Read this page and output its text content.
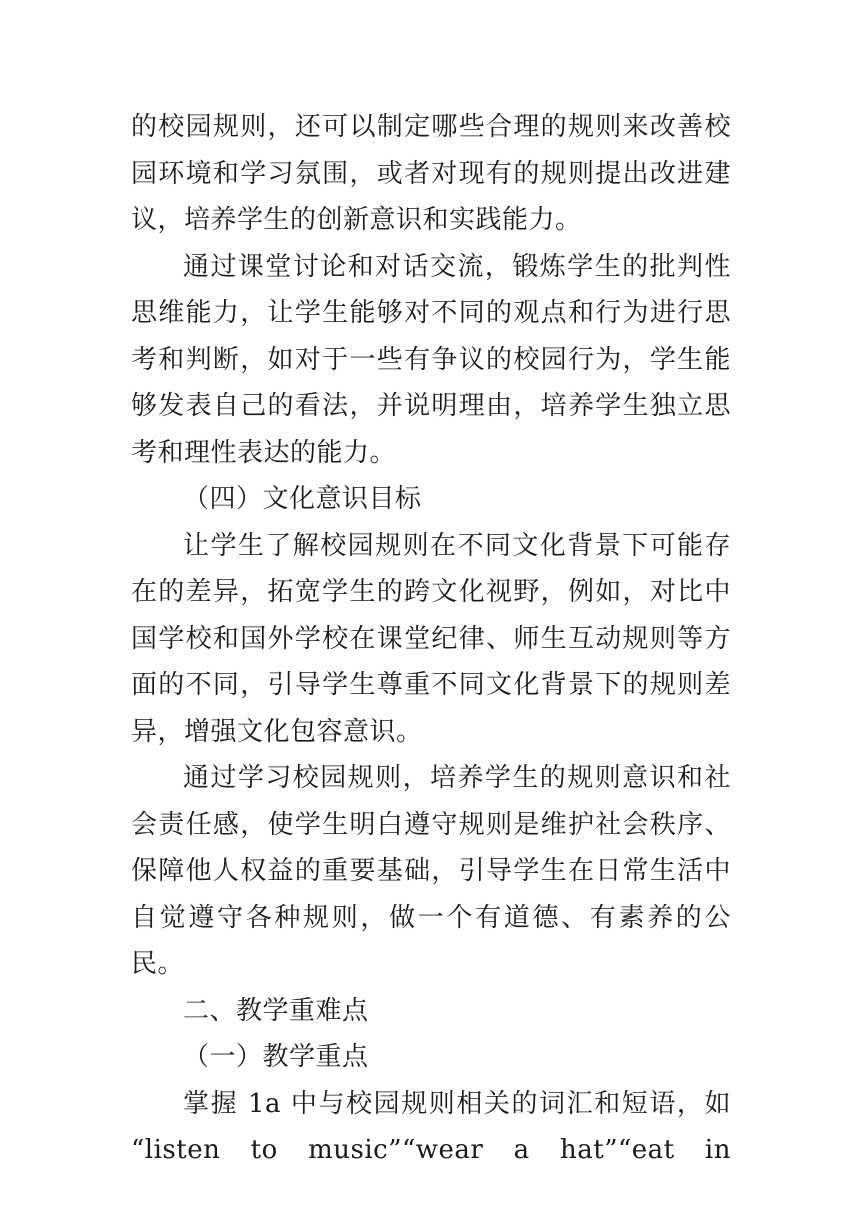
的校园规则，还可以制定哪些合理的规则来改善校园环境和学习氛围，或者对现有的规则提出改进建议，培养学生的创新意识和实践能力。

通过课堂讨论和对话交流，锻炼学生的批判性思维能力，让学生能够对不同的观点和行为进行思考和判断，如对于一些有争议的校园行为，学生能够发表自己的看法，并说明理由，培养学生独立思考和理性表达的能力。

（四）文化意识目标

让学生了解校园规则在不同文化背景下可能存在的差异，拓宽学生的跨文化视野，例如，对比中国学校和国外学校在课堂纪律、师生互动规则等方面的不同，引导学生尊重不同文化背景下的规则差异，增强文化包容意识。

通过学习校园规则，培养学生的规则意识和社会责任感，使学生明白遵守规则是维护社会秩序、保障他人权益的重要基础，引导学生在日常生活中自觉遵守各种规则，做一个有道德、有素养的公民。

二、教学重难点

（一）教学重点

掌握 1a 中与校园规则相关的词汇和短语，如

“listen to music”“wear a hat”“eat in
